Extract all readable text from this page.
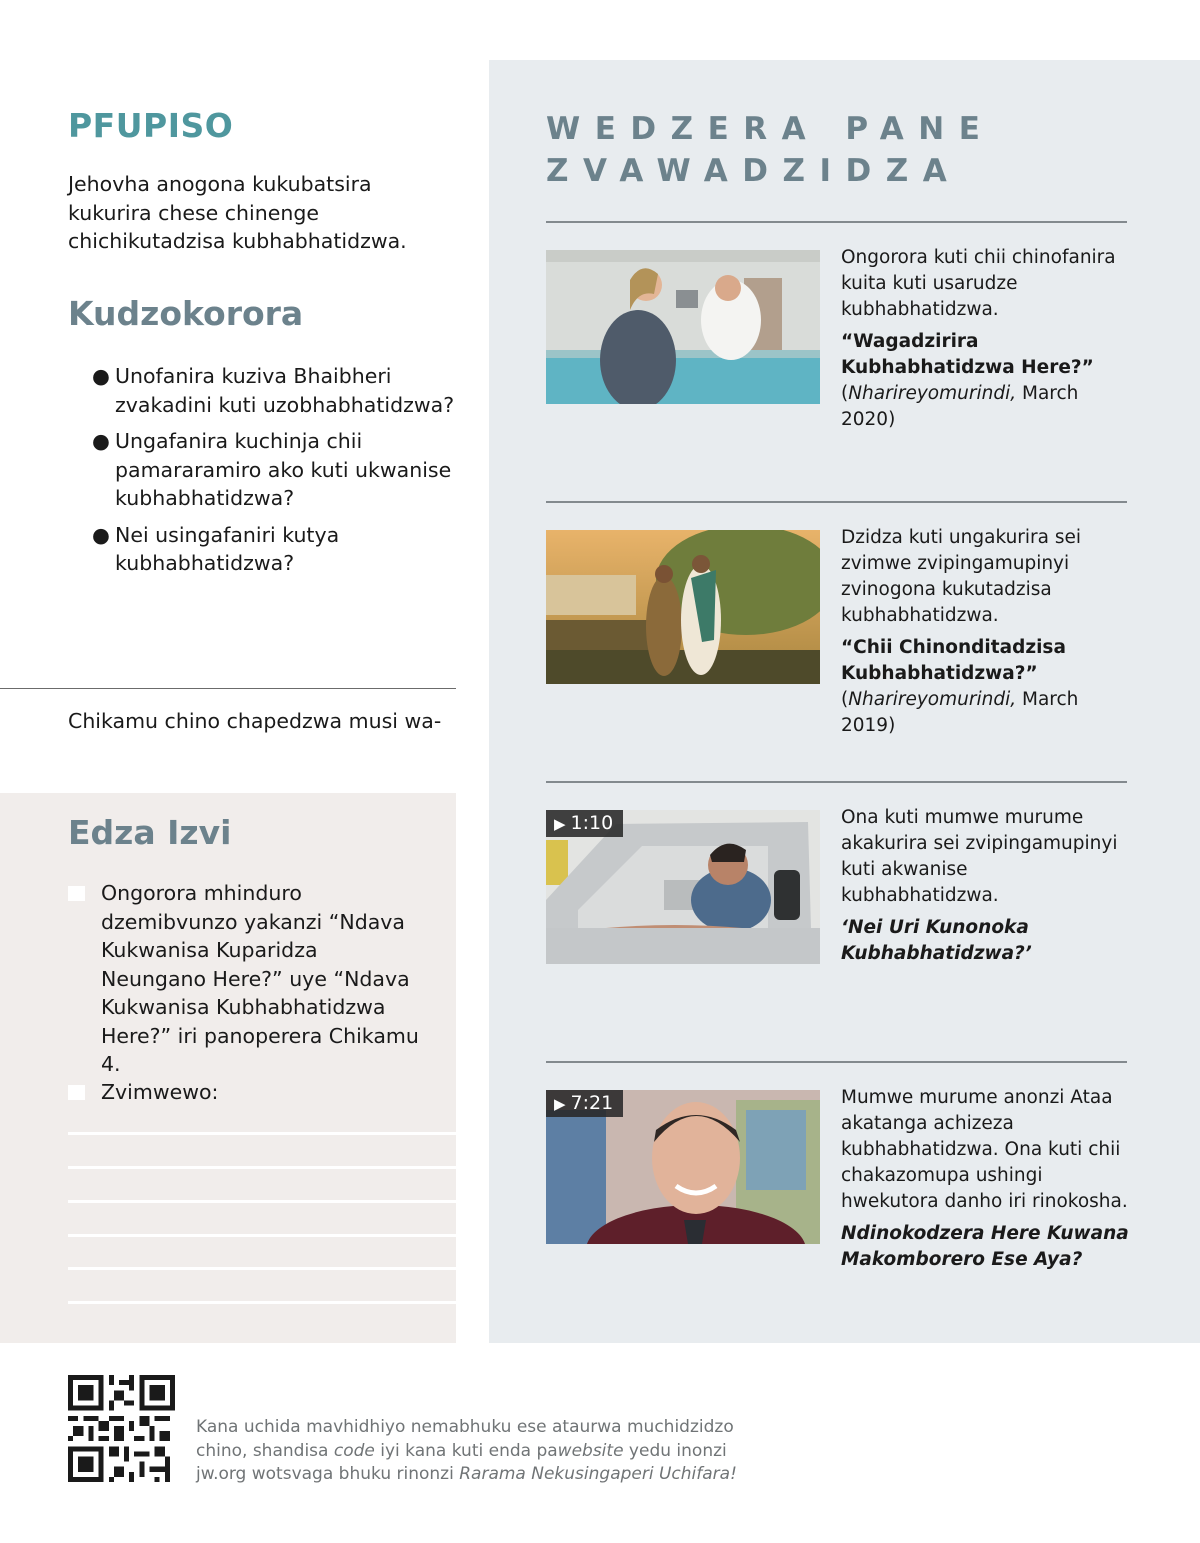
PFUPISO
Jehovha anogona kukubatsira kukurira chese chinenge chichikutadzisa kubhabhatidzwa.
Kudzokorora
● Unofanira kuziva Bhaibheri zvakadini kuti uzobhabhatidzwa?
● Ungafanira kuchinja chii pamararamiro ako kuti ukwanise kubhabhatidzwa?
● Nei usingafaniri kutya kubhabhatidzwa?
Chikamu chino chapedzwa musi wa-
Edza Izvi
Ongorora mhinduro dzemibvunzo yakanzi “Ndava Kukwanisa Kuparidza Neungano Here?” uye “Ndava Kukwanisa Kubhabhatidzwa Here?” iri panoperera Chikamu 4.
Zvimwewo:
WEDZERA PANE ZVAWADZIDZA
Ongorora kuti chii chinofanira kuita kuti usarudze kubhabhatidzwa.
“Wagadzirira Kubhabhatidzwa Here?” (Nharireyomurindi, March 2020)
Dzidza kuti ungakurira sei zvimwe zvipingamupinyi zvinogona kukutadzisa kubhabhatidzwa.
“Chii Chinonditadzisa Kubhabhatidzwa?” (Nharireyomurindi, March 2019)
▶ 1:10	Ona kuti mumwe murume akakurira sei zvipingamupinyi kuti akwanise kubhabhatidzwa.
‘Nei Uri Kunonoka Kubhabhatidzwa?’
▶ 7:21	Mumwe murume anonzi Ataa akatanga achizeza kubhabhatidzwa. Ona kuti chii chakazomupa ushingi hwekutora danho iri rinokosha.
Ndinokodzera Here Kuwana Makomborero Ese Aya?
Kana uchida mavhidhiyo nemabhuku ese ataurwa muchidzidzo chino, shandisa code iyi kana kuti enda pawebsite yedu inonzi jw.org wotsvaga bhuku rinonzi Rarama Nekusingaperi Uchifara!
